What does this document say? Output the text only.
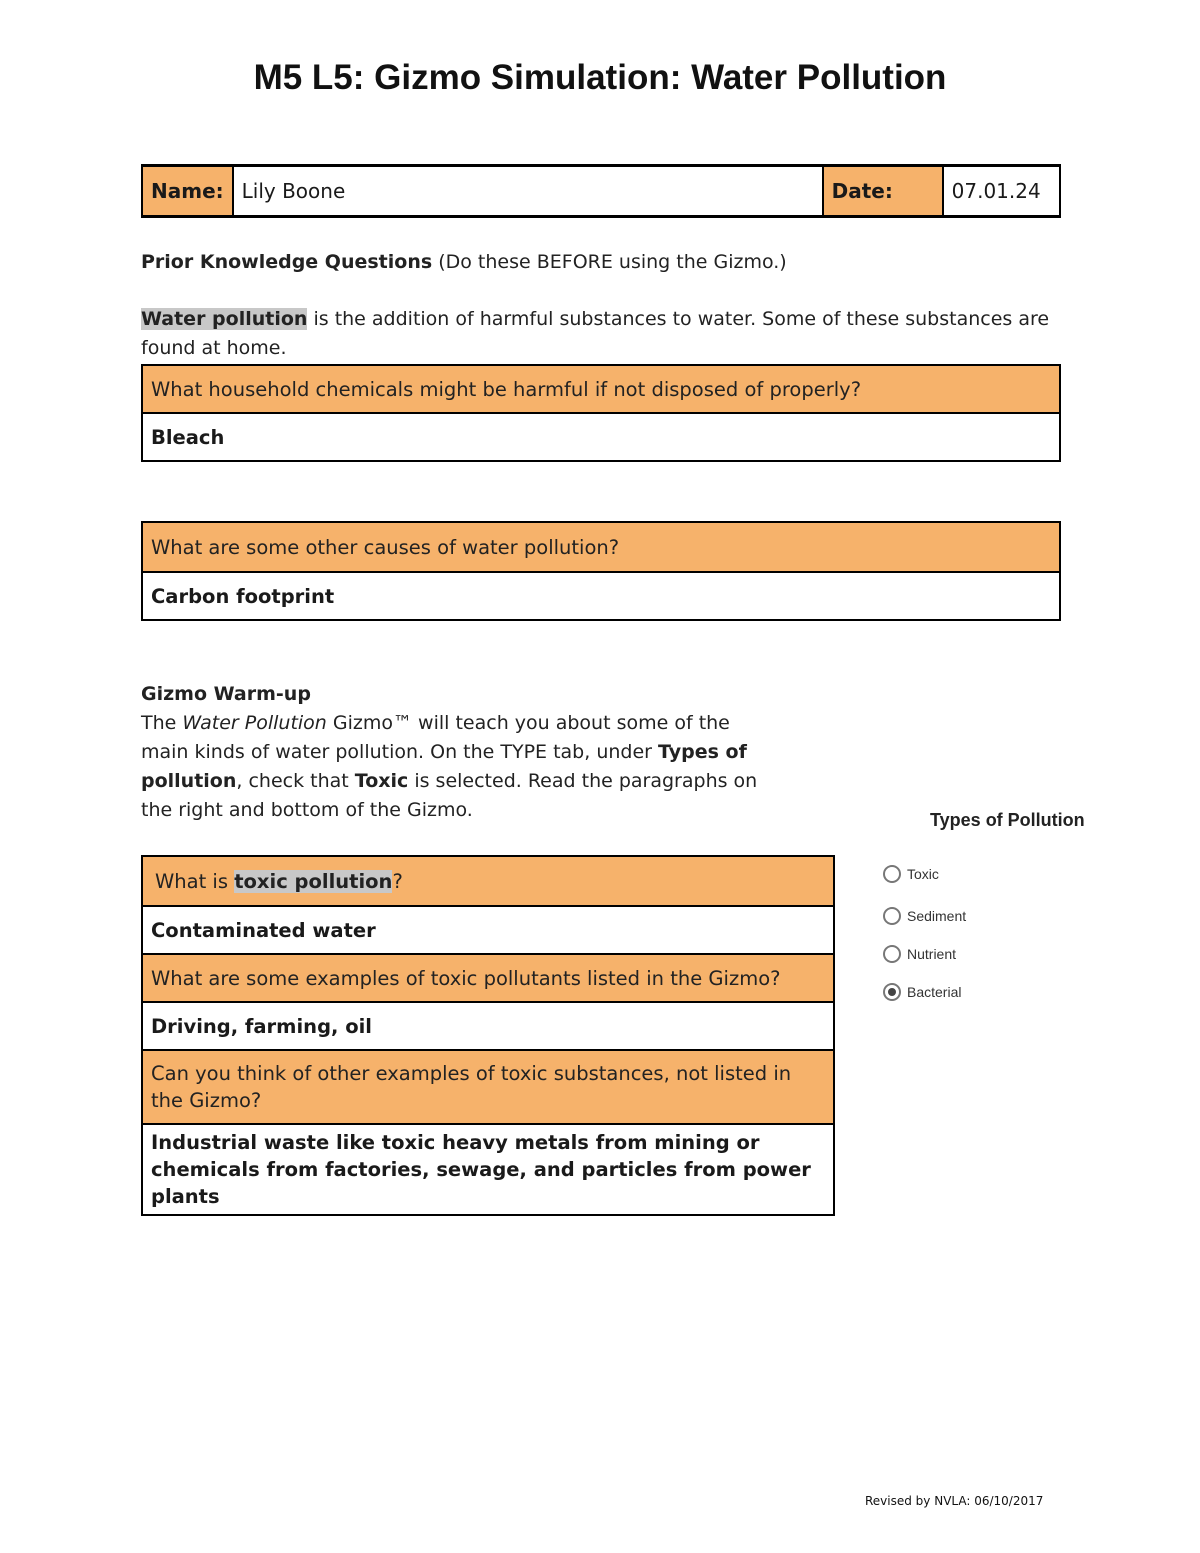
M5 L5: Gizmo Simulation: Water Pollution
Name:	Lily Boone	Date:	07.01.24
Prior Knowledge Questions (Do these BEFORE using the Gizmo.)
Water pollution is the addition of harmful substances to water. Some of these substances are found at home.
What household chemicals might be harmful if not disposed of properly?
Bleach
What are some other causes of water pollution?
Carbon footprint
Gizmo Warm-up
The Water Pollution Gizmo™ will teach you about some of the main kinds of water pollution. On the TYPE tab, under Types of pollution, check that Toxic is selected. Read the paragraphs on the right and bottom of the Gizmo.
What is toxic pollution?
Contaminated water
What are some examples of toxic pollutants listed in the Gizmo?
Driving, farming, oil
Can you think of other examples of toxic substances, not listed in the Gizmo?
Industrial waste like toxic heavy metals from mining or chemicals from factories, sewage, and particles from power plants
Types of Pollution
Toxic
Sediment
Nutrient
Bacterial
Revised by NVLA: 06/10/2017
